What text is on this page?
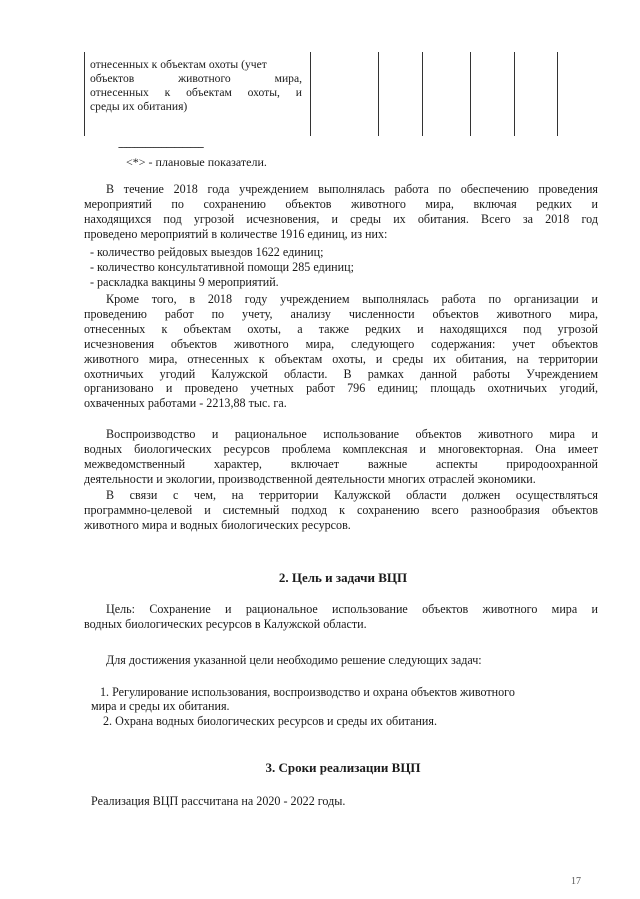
отнесенных к объектам охоты (учет
объектов животного мира,
отнесенных к объектам охоты, и
среды их обитания)
--------------------------------
<*> - плановые показатели.
В течение 2018 года учреждением выполнялась работа по обеспечению проведения
мероприятий по сохранению объектов животного мира, включая редких и
находящихся под угрозой исчезновения, и среды их обитания. Всего за 2018 год
проведено мероприятий в количестве 1916 единиц, из них:
- количество рейдовых выездов 1622 единиц;
- количество консультативной помощи 285 единиц;
- раскладка вакцины 9 мероприятий.
Кроме того, в 2018 году учреждением выполнялась работа по организации и
проведению работ по учету, анализу численности объектов животного мира,
отнесенных к объектам охоты, а также редких и находящихся под угрозой
исчезновения объектов животного мира, следующего содержания: учет объектов
животного мира, отнесенных к объектам охоты, и среды их обитания, на территории
охотничьих угодий Калужской области. В рамках данной работы Учреждением
организовано и проведено учетных работ 796 единиц; площадь охотничьих угодий,
охваченных работами - 2213,88 тыс. га.
Воспроизводство и рациональное использование объектов животного мира и
водных биологических ресурсов проблема комплексная и многовекторная. Она имеет
межведомственный характер, включает важные аспекты природоохранной
деятельности и экологии, производственной деятельности многих отраслей экономики.
В связи с чем, на территории Калужской области должен осуществляться
программно-целевой и системный подход к сохранению всего разнообразия объектов
животного мира и водных биологических ресурсов.
2. Цель и задачи ВЦП
Цель: Сохранение и рациональное использование объектов животного мира и
водных биологических ресурсов в Калужской области.
Для достижения указанной цели необходимо решение следующих задач:
1. Регулирование использования, воспроизводство и охрана объектов животного
мира и среды их обитания.
2. Охрана водных биологических ресурсов и среды их обитания.
3. Сроки реализации ВЦП
Реализация ВЦП рассчитана на 2020 - 2022 годы.
17
